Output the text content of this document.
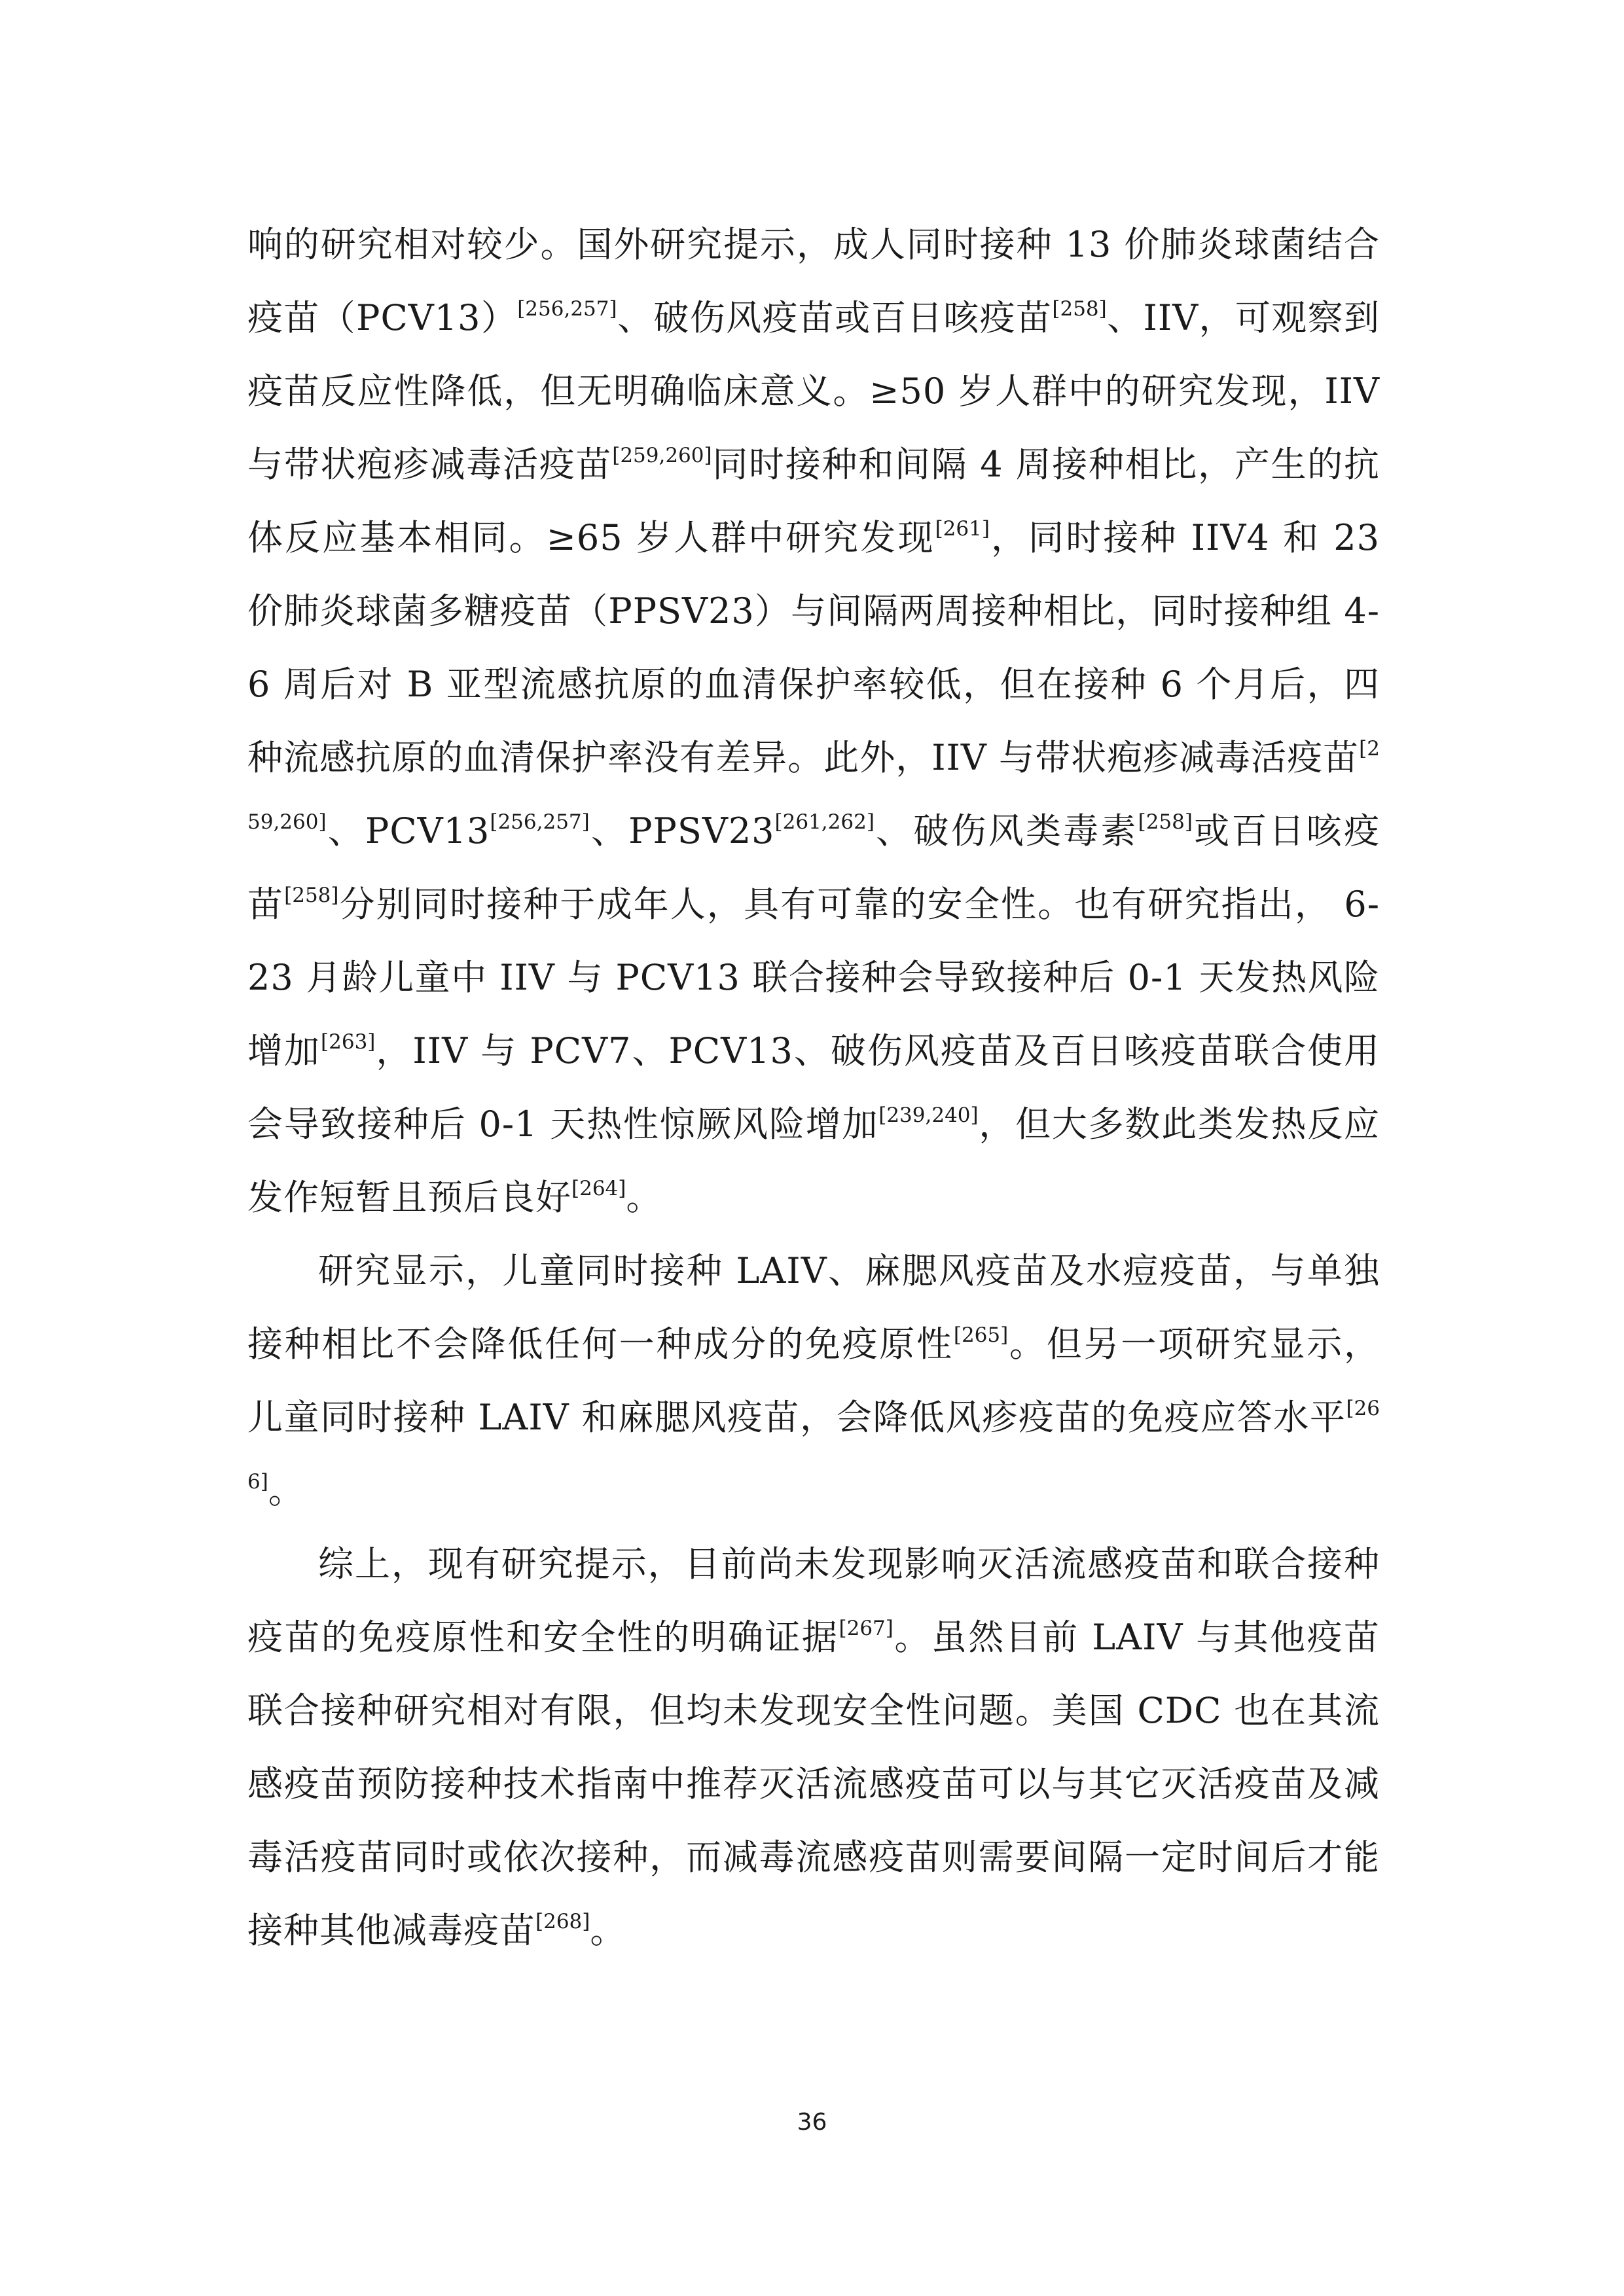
响的研究相对较少。国外研究提示，成人同时接种 13 价肺炎球菌结合疫苗（PCV13）[256,257]、破伤风疫苗或百日咳疫苗[258]、IIV，可观察到疫苗反应性降低，但无明确临床意义。≥50 岁人群中的研究发现，IIV 与带状疱疹减毒活疫苗[259,260]同时接种和间隔 4 周接种相比，产生的抗体反应基本相同。≥65 岁人群中研究发现[261]，同时接种 IIV4 和 23 价肺炎球菌多糖疫苗（PPSV23）与间隔两周接种相比，同时接种组 4-6 周后对 B 亚型流感抗原的血清保护率较低，但在接种 6 个月后，四种流感抗原的血清保护率没有差异。此外，IIV 与带状疱疹减毒活疫苗[259,260]、PCV13[256,257]、PPSV23[261,262]、破伤风类毒素[258]或百日咳疫苗[258]分别同时接种于成年人，具有可靠的安全性。也有研究指出， 6-23 月龄儿童中 IIV 与 PCV13 联合接种会导致接种后 0-1 天发热风险增加[263]，IIV 与 PCV7、PCV13、破伤风疫苗及百日咳疫苗联合使用会导致接种后 0-1 天热性惊厥风险增加[239,240]，但大多数此类发热反应发作短暂且预后良好[264]。

研究显示，儿童同时接种 LAIV、麻腮风疫苗及水痘疫苗，与单独接种相比不会降低任何一种成分的免疫原性[265]。但另一项研究显示，儿童同时接种 LAIV 和麻腮风疫苗，会降低风疹疫苗的免疫应答水平[266]。

综上，现有研究提示，目前尚未发现影响灭活流感疫苗和联合接种疫苗的免疫原性和安全性的明确证据[267]。虽然目前 LAIV 与其他疫苗联合接种研究相对有限，但均未发现安全性问题。美国 CDC 也在其流感疫苗预防接种技术指南中推荐灭活流感疫苗可以与其它灭活疫苗及减毒活疫苗同时或依次接种，而减毒流感疫苗则需要间隔一定时间后才能接种其他减毒疫苗[268]。

36
